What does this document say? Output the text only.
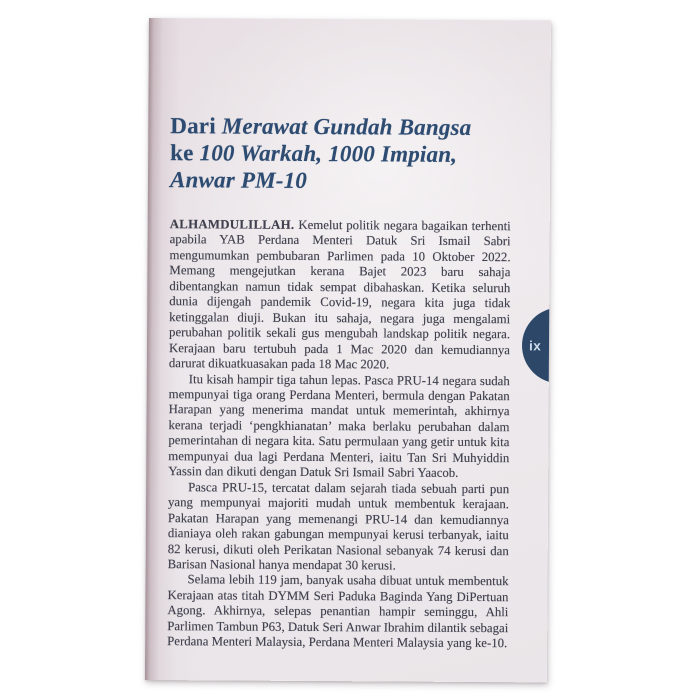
Dari Merawat Gundah Bangsa
ke 100 Warkah, 1000 Impian,
Anwar PM-10

ALHAMDULILLAH. Kemelut politik negara bagaikan terhenti apabila YAB Perdana Menteri Datuk Sri Ismail Sabri mengumumkan pembubaran Parlimen pada 10 Oktober 2022. Memang mengejutkan kerana Bajet 2023 baru sahaja dibentangkan namun tidak sempat dibahaskan. Ketika seluruh dunia dijengah pandemik Covid-19, negara kita juga tidak ketinggalan diuji. Bukan itu sahaja, negara juga mengalami perubahan politik sekali gus mengubah landskap politik negara. Kerajaan baru tertubuh pada 1 Mac 2020 dan kemudiannya darurat dikuatkuasakan pada 18 Mac 2020.

Itu kisah hampir tiga tahun lepas. Pasca PRU-14 negara sudah mempunyai tiga orang Perdana Menteri, bermula dengan Pakatan Harapan yang menerima mandat untuk memerintah, akhirnya kerana terjadi ‘pengkhianatan’ maka berlaku perubahan dalam pemerintahan di negara kita. Satu permulaan yang getir untuk kita mempunyai dua lagi Perdana Menteri, iaitu Tan Sri Muhyiddin Yassin dan dikuti dengan Datuk Sri Ismail Sabri Yaacob.

Pasca PRU-15, tercatat dalam sejarah tiada sebuah parti pun yang mempunyai majoriti mudah untuk membentuk kerajaan. Pakatan Harapan yang memenangi PRU-14 dan kemudiannya dianiaya oleh rakan gabungan mempunyai kerusi terbanyak, iaitu 82 kerusi, dikuti oleh Perikatan Nasional sebanyak 74 kerusi dan Barisan Nasional hanya mendapat 30 kerusi.

Selama lebih 119 jam, banyak usaha dibuat untuk membentuk Kerajaan atas titah DYMM Seri Paduka Baginda Yang DiPertuan Agong. Akhirnya, selepas penantian hampir seminggu, Ahli Parlimen Tambun P63, Datuk Seri Anwar Ibrahim dilantik sebagai Perdana Menteri Malaysia, Perdana Menteri Malaysia yang ke-10.

ix
